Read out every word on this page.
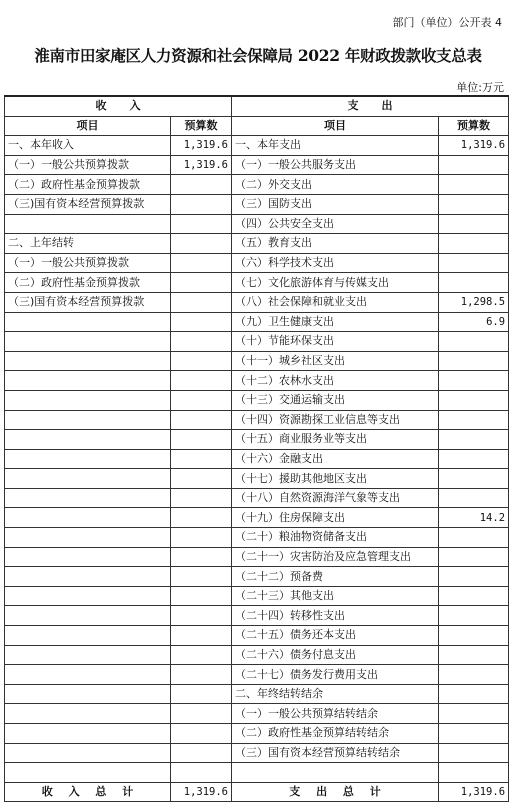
部门（单位）公开表 4
淮南市田家庵区人力资源和社会保障局 2022 年财政拨款收支总表
单位:万元
收      入		支      出	
项目	预算数	项目	预算数
一、本年收入	1,319.6	一、本年支出	1,319.6
（一）一般公共预算拨款	1,319.6	（一）一般公共服务支出	
（二）政府性基金预算拨款		（二）外交支出	
（三)国有资本经营预算拨款		（三）国防支出	
		（四）公共安全支出	
二、上年结转		（五）教育支出	
（一）一般公共预算拨款		（六）科学技术支出	
（二）政府性基金预算拨款		（七）文化旅游体育与传媒支出	
（三)国有资本经营预算拨款		（八）社会保障和就业支出	1,298.5
		（九）卫生健康支出	6.9
		（十）节能环保支出	
		（十一）城乡社区支出	
		（十二）农林水支出	
		（十三）交通运输支出	
		（十四）资源勘探工业信息等支出	
		（十五）商业服务业等支出	
		（十六）金融支出	
		（十七）援助其他地区支出	
		（十八）自然资源海洋气象等支出	
		（十九）住房保障支出	14.2
		（二十）粮油物资储备支出	
		（二十一）灾害防治及应急管理支出	
		（二十二）预备费	
		（二十三）其他支出	
		（二十四）转移性支出	
		（二十五）债务还本支出	
		（二十六）债务付息支出	
		（二十七）债务发行费用支出	
		二、年终结转结余	
		（一）一般公共预算结转结余	
		（二）政府性基金预算结转结余	
		（三）国有资本经营预算结转结余	

收 入 总 计	1,319.6	支 出 总 计	1,319.6
